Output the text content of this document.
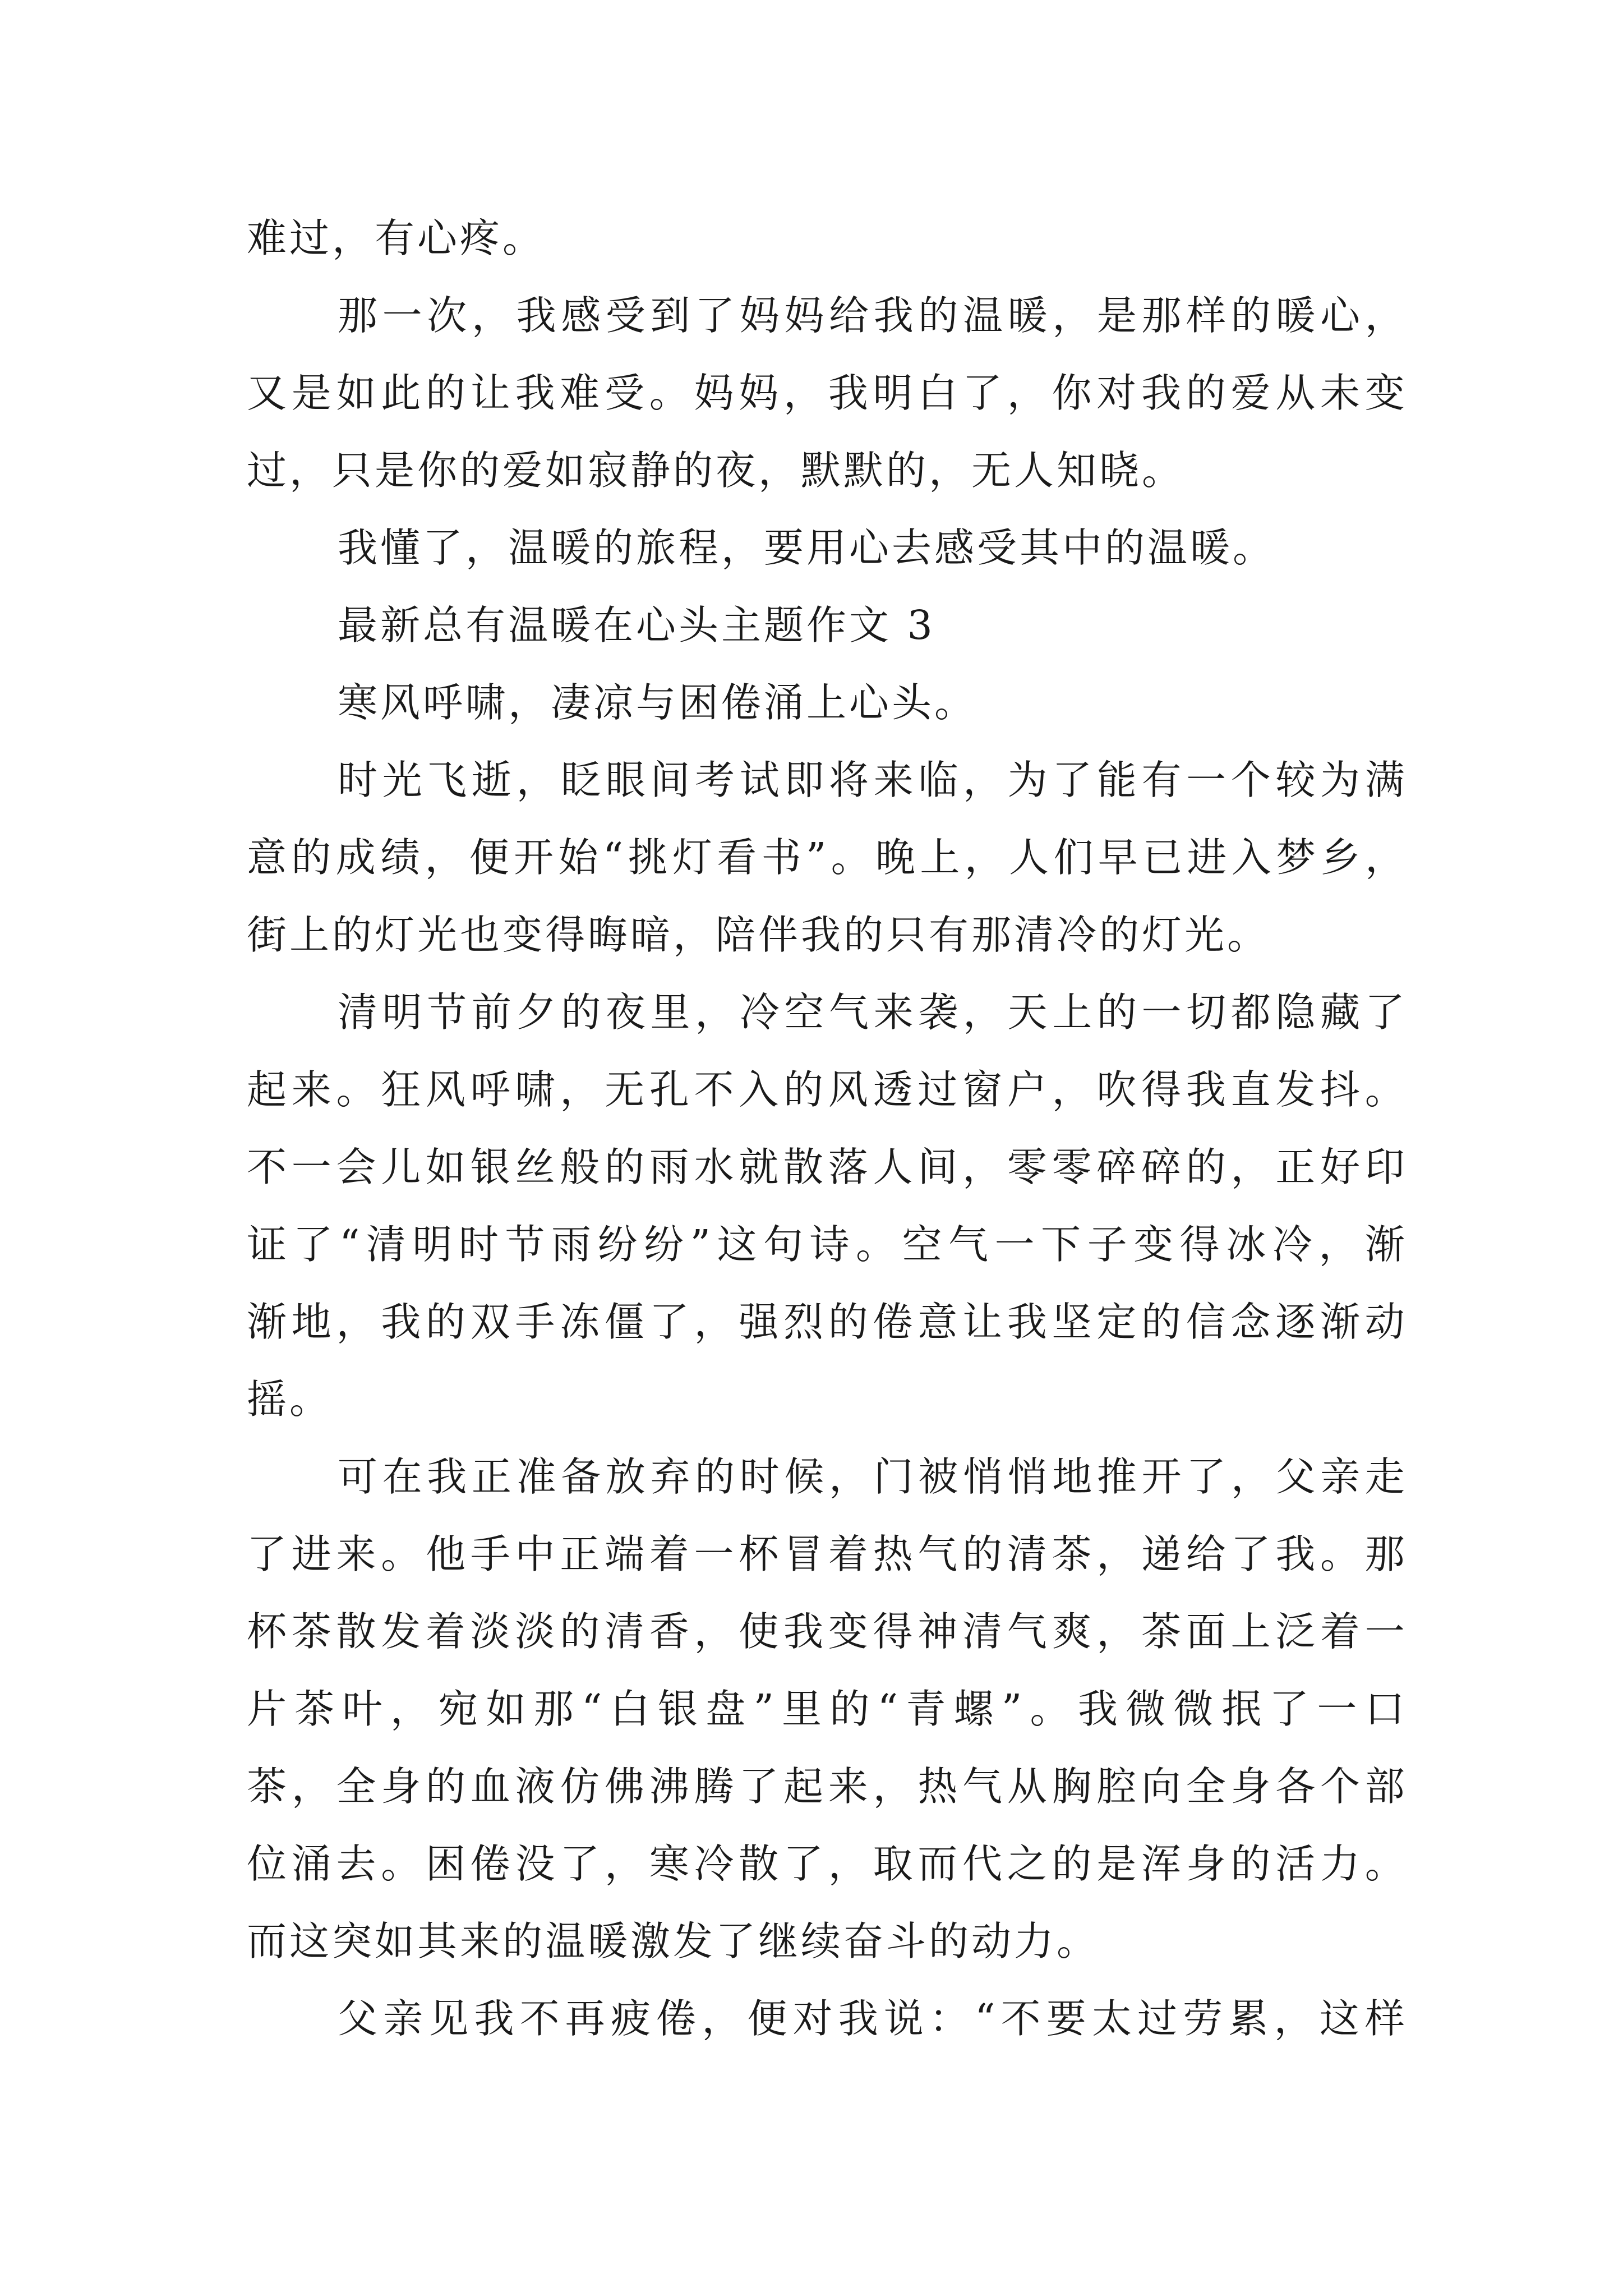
难过，有心疼。
那 一 次 ， 我 感 受 到 了 妈 妈 给 我 的 温 暖 ， 是 那 样 的 暖 心 ，
又 是 如 此 的 让 我 难 受 。 妈 妈 ， 我 明 白 了 ， 你 对 我 的 爱 从 未 变
过，只是你的爱如寂静的夜，默默的，无人知晓。
我懂了，温暖的旅程，要用心去感受其中的温暖。
最新总有温暖在心头主题作文 3
寒风呼啸，凄凉与困倦涌上心头。
时 光 飞 逝 ， 眨 眼 间 考 试 即 将 来 临 ， 为 了 能 有 一 个 较 为 满
意 的 成 绩 ， 便 开 始 “ 挑 灯 看 书 ” 。 晚 上 ， 人 们 早 已 进 入 梦 乡 ，
街上的灯光也变得晦暗，陪伴我的只有那清冷的灯光。
清 明 节 前 夕 的 夜 里 ， 冷 空 气 来 袭 ， 天 上 的 一 切 都 隐 藏 了
起 来 。 狂 风 呼 啸 ， 无 孔 不 入 的 风 透 过 窗 户 ， 吹 得 我 直 发 抖 。
不 一 会 儿 如 银 丝 般 的 雨 水 就 散 落 人 间 ， 零 零 碎 碎 的 ， 正 好 印
证 了 “ 清 明 时 节 雨 纷 纷 ” 这 句 诗 。 空 气 一 下 子 变 得 冰 冷 ， 渐
渐 地 ， 我 的 双 手 冻 僵 了 ， 强 烈 的 倦 意 让 我 坚 定 的 信 念 逐 渐 动
摇。
可 在 我 正 准 备 放 弃 的 时 候 ， 门 被 悄 悄 地 推 开 了 ， 父 亲 走
了 进 来 。 他 手 中 正 端 着 一 杯 冒 着 热 气 的 清 茶 ， 递 给 了 我 。 那
杯 茶 散 发 着 淡 淡 的 清 香 ， 使 我 变 得 神 清 气 爽 ， 茶 面 上 泛 着 一
片 茶 叶 ， 宛 如 那 “ 白 银 盘 ” 里 的 “ 青 螺 ” 。 我 微 微 抿 了 一 口
茶 ， 全 身 的 血 液 仿 佛 沸 腾 了 起 来 ， 热 气 从 胸 腔 向 全 身 各 个 部
位 涌 去 。 困 倦 没 了 ， 寒 冷 散 了 ， 取 而 代 之 的 是 浑 身 的 活 力 。
而这突如其来的温暖激发了继续奋斗的动力。
父 亲 见 我 不 再 疲 倦 ， 便 对 我 说 ： “ 不 要 太 过 劳 累 ， 这 样
